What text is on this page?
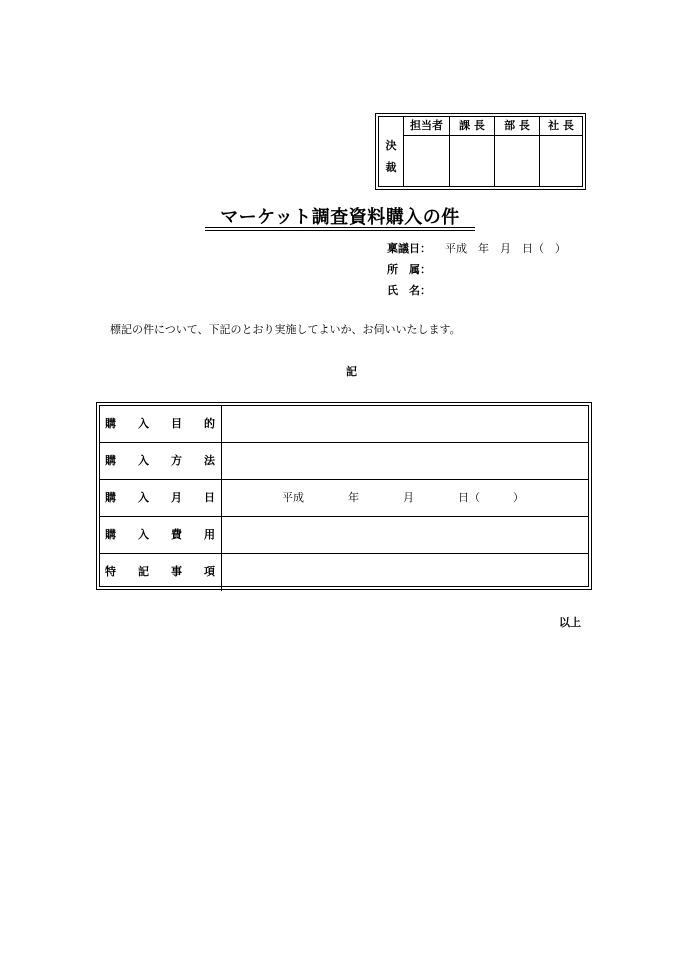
決
裁
担当者	課 長	部 長	社 長
マーケット調査資料購入の件
稟議日： 平成　年　月　日（　）
所　属：
氏　名：
標記の件について、下記のとおり実施してよいか、お伺いいたします。
記
購　　入　　目　　的
購　　入　　方　　法
購　　入　　月　　日	平成　　　　年　　　　月　　　　日（　　　）
購　　入　　費　　用
特　　記　　事　　項
以上
